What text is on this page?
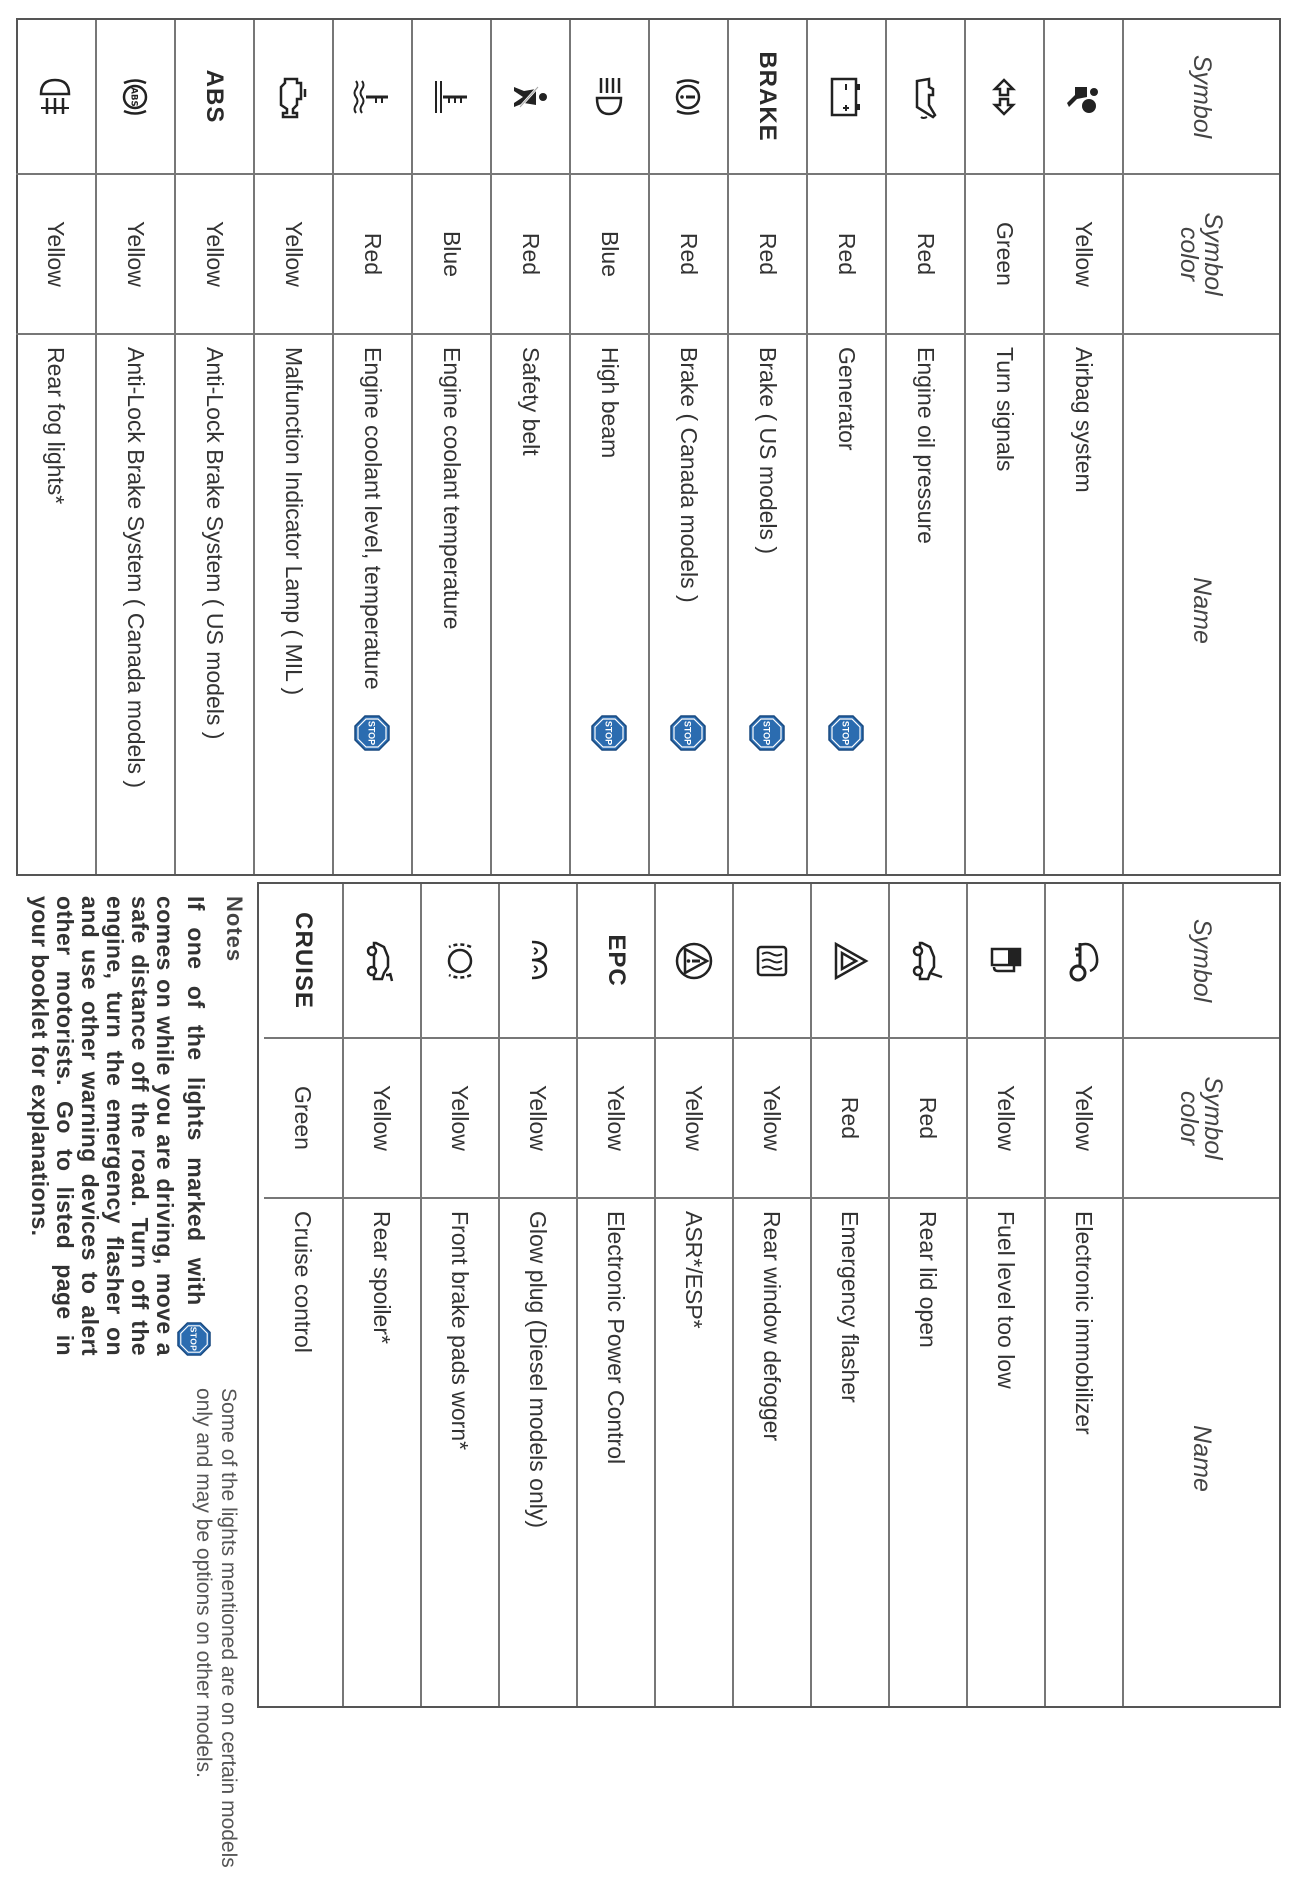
Symbol
Symbol
color
Name
Yellow
Airbag system
Green
Turn signals
Red
Engine oil pressure
Red
Generator
STOP
BRAKE
Red
Brake ( US models )
STOP
Red
Brake ( Canada models )
STOP
Blue
High beam
STOP
Red
Safety belt
Blue
Engine coolant temperature
Red
Engine coolant level, temperature
STOP
Yellow
Malfunction Indicator Lamp ( MIL )
ABS
Yellow
Anti-Lock Brake System ( US models )
ABS
Yellow
Anti-Lock Brake System ( Canada models )
Yellow
Rear fog lights*
Symbol
Symbol
color
Name
Yellow
Electronic immobilizer
Yellow
Fuel level too low
Red
Rear lid open
Red
Emergency flasher
Yellow
Rear window defogger
Yellow
ASR*/ESP*
EPC
Yellow
Electronic Power Control
Yellow
Glow plug (Diesel models only)
Yellow
Front brake pads worn*
Yellow
Rear spoiler*
CRUISE
Green
Cruise control
Notes
If one of the lights marked with
STOP
comes on while you are driving, move a safe distance off the road. Turn off the engine, turn the emergency flasher on and use other warning devices to alert other motorists. Go to listed page in your booklet for explanations.
Some of the lights mentioned are on certain models only and may be options on other models.
